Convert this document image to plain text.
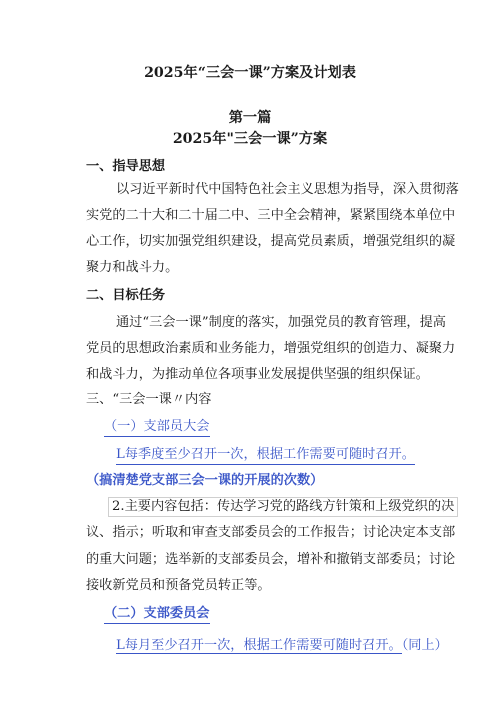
2025年“三会一课”方案及计划表
第一篇
2025年"三会一课”方案
一、指导思想
以习近平新时代中国特色社会主义思想为指导，深入贯彻落
实党的二十大和二十届二中、三中全会精神，紧紧围绕本单位中
心工作，切实加强党组织建设，提高党员素质，增强党组织的凝
聚力和战斗力。
二、目标任务
通过“三会一课”制度的落实，加强党员的教育管理，提高
党员的思想政治素质和业务能力，增强党组织的创造力、凝聚力
和战斗力，为推动单位各项事业发展提供坚强的组织保证。
三、“三会一课〃内容
（一）支部员大会
L每季度至少召开一次，根据工作需要可随时召开。
（搞清楚党支部三会一课的开展的次数）
2.主要内容包括：传达学习党的路线方针策和上级党织的决
议、指示；听取和审查支部委员会的工作报告；讨论决定本支部
的重大问题；选举新的支部委员会，增补和撤销支部委员；讨论
接收新党员和预备党员转正等。
（二）支部委员会
L每月至少召开一次，根据工作需要可随时召开。（同上）
